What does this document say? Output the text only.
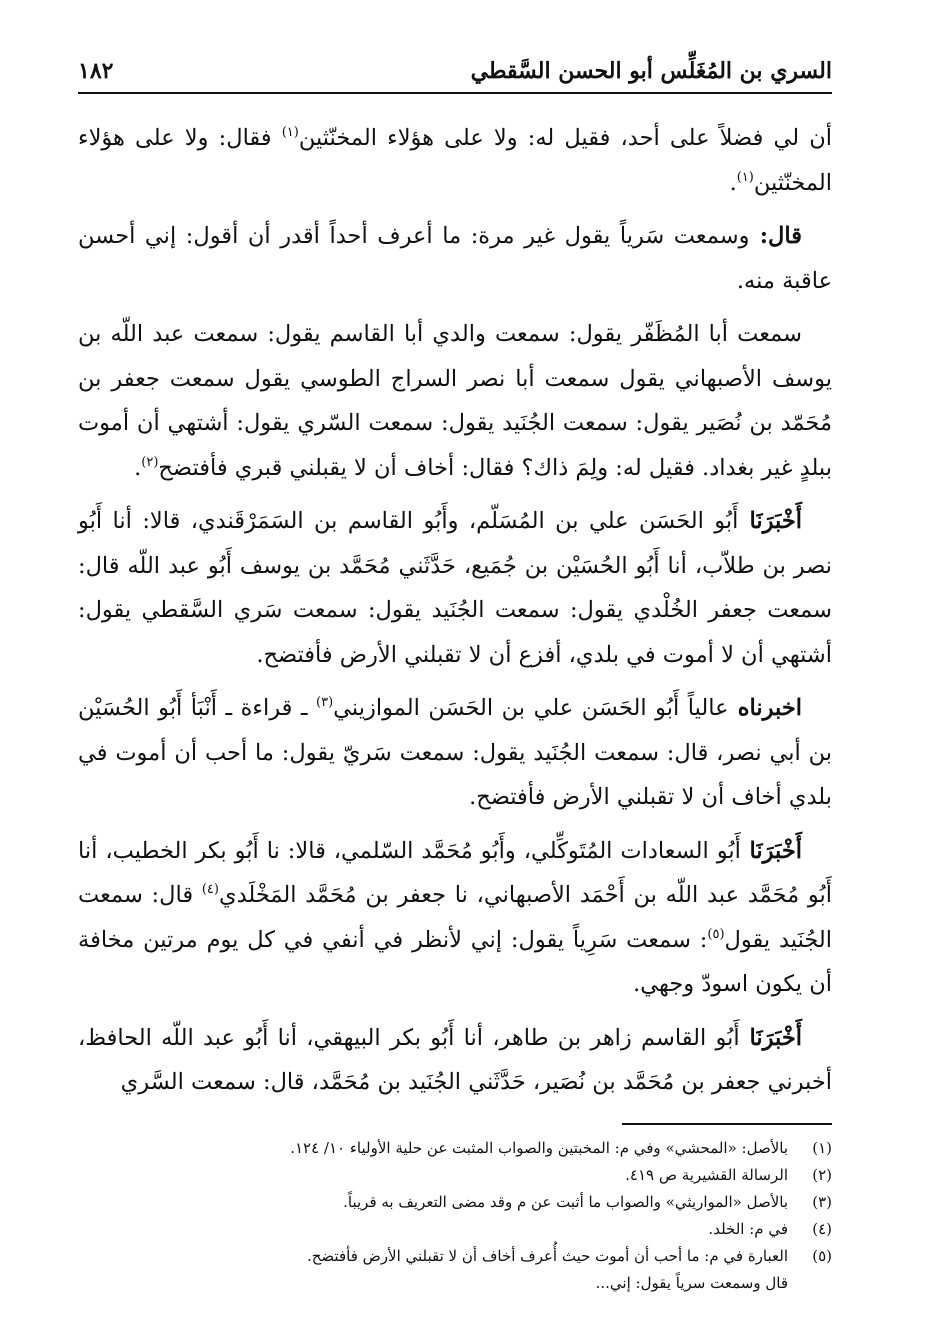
السري بن المُغَلِّس أبو الحسن السَّقطي
١٨٢

أن لي فضلاً على أحد، فقيل له: ولا على هؤلاء المخنّثين$^{(١)}$ فقال: ولا على هؤلاء المخنّثين$^{(١)}$.

قال: وسمعت سَرياً يقول غير مرة: ما أعرف أحداً أقدر أن أقول: إني أحسن عاقبة منه.

سمعت أبا المُظَفّر يقول: سمعت والدي أبا القاسم يقول: سمعت عبد اللّه بن يوسف الأصبهاني يقول سمعت أبا نصر السراج الطوسي يقول سمعت جعفر بن مُحَمّد بن نُصَير يقول: سمعت الجُنَيد يقول: سمعت السّري يقول: أشتهي أن أموت ببلدٍ غير بغداد. فقيل له: ولِمَ ذاك؟ فقال: أخاف أن لا يقبلني قبري فأفتضح$^{(٢)}$.

أَخْبَرَنَا أَبُو الحَسَن علي بن المُسَلّم، وأَبُو القاسم بن السَمَرْقَندي، قالا: أنا أَبُو نصر بن طلاّب، أنا أَبُو الحُسَيْن بن جُمَيع، حَدَّثَني مُحَمَّد بن يوسف أَبُو عبد اللّه قال: سمعت جعفر الخُلْدي يقول: سمعت الجُنَيد يقول: سمعت سَري السَّقطي يقول: أشتهي أن لا أموت في بلدي، أفزع أن لا تقبلني الأرض فأفتضح.

اخبرناه عالياً أَبُو الحَسَن علي بن الحَسَن الموازيني$^{(٣)}$ ـ قراءة ـ أَنْبَأ أَبُو الحُسَيْن بن أبي نصر، قال: سمعت الجُنَيد يقول: سمعت سَريّ يقول: ما أحب أن أموت في بلدي أخاف أن لا تقبلني الأرض فأفتضح.

أَخْبَرَنَا أَبُو السعادات المُتَوكِّلي، وأَبُو مُحَمَّد السّلمي، قالا: نا أَبُو بكر الخطيب، أنا أَبُو مُحَمَّد عبد اللّه بن أَحْمَد الأصبهاني، نا جعفر بن مُحَمَّد المَخْلَدي$^{(٤)}$ قال: سمعت الجُنَيد يقول$^{(٥)}$: سمعت سَرِياً يقول: إني لأنظر في أنفي في كل يوم مرتين مخافة أن يكون اسودّ وجهي.

أَخْبَرَنَا أَبُو القاسم زاهر بن طاهر، أنا أَبُو بكر البيهقي، أنا أَبُو عبد اللّه الحافظ، أخبرني جعفر بن مُحَمَّد بن نُصَير، حَدَّثَني الجُنَيد بن مُحَمَّد، قال: سمعت السَّري

(١)
بالأصل: «المحشي» وفي م: المخبتين والصواب المثبت عن حلية الأولياء ١٠/ ١٢٤.
(٢)
الرسالة القشيرية ص ٤١٩.
(٣)
بالأصل «المواريثي» والصواب ما أثبت عن م وقد مضى التعريف به قريباً.
(٤)
في م: الخلد.
(٥)
العبارة في م: ما أحب أن أموت حيث أُعرف أخاف أن لا تقبلني الأرض فأفتضح.
قال وسمعت سرياً يقول: إني...
